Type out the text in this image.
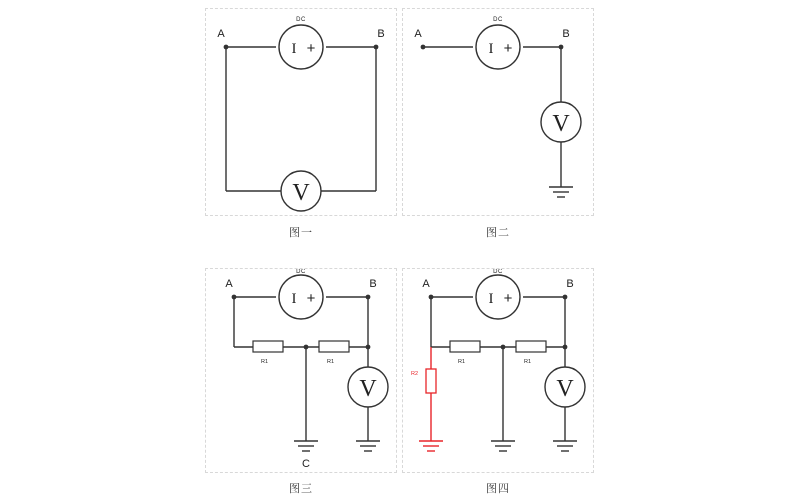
I +
DC
V
A	B
图一
I +
DC
V
A	B
图二
I +
DC
R1	R1
V
A	B
C
图三
R2
I +
DC
R1	R1
V
A	B
图四
